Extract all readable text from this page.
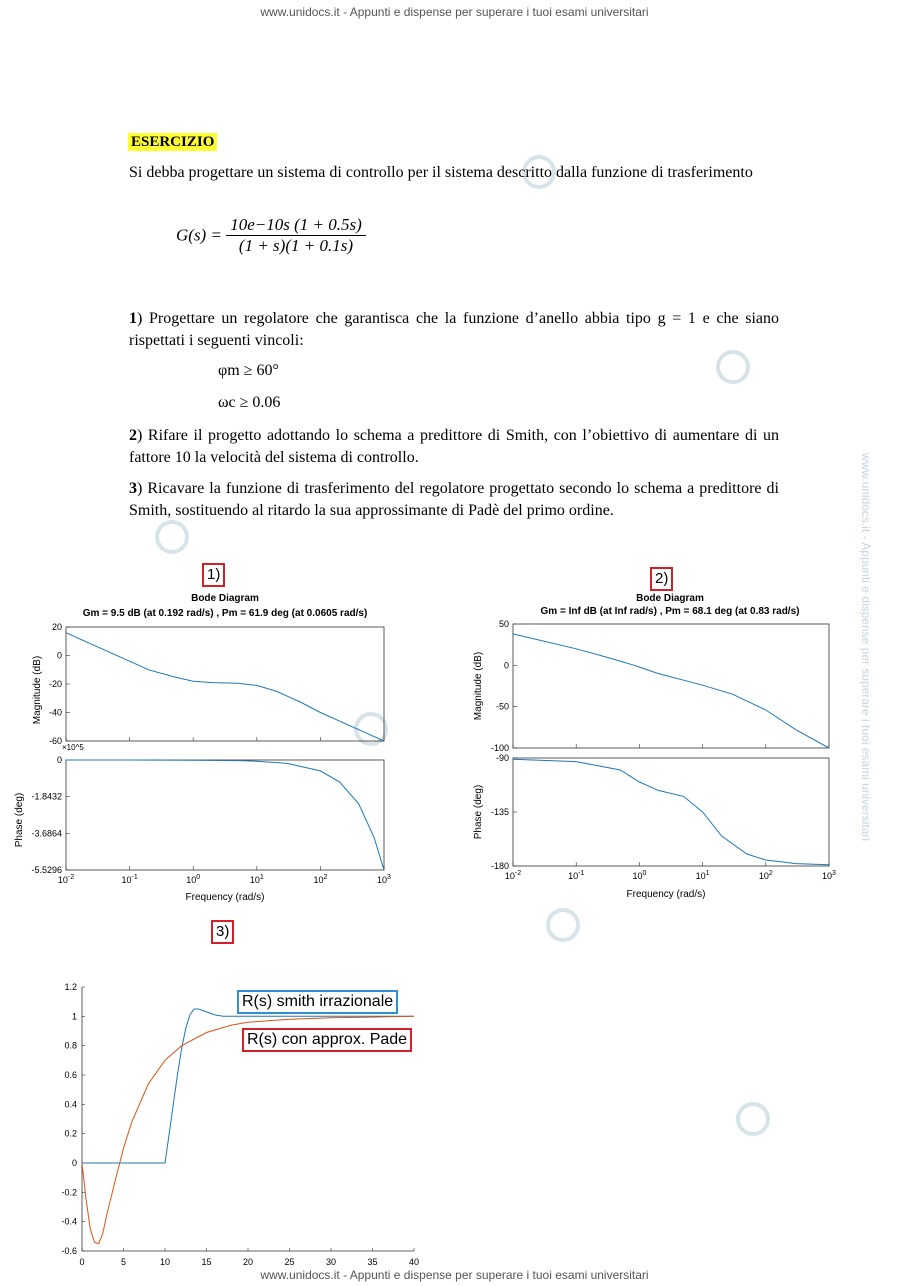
www.unidocs.it - Appunti e dispense per superare i tuoi esami universitari
www.unidocs.it - Appunti e dispense per superare i tuoi esami universitari
www.unidocs.it - Appunti e dispense per superare i tuoi esami universitari
ESERCIZIO
Si debba progettare un sistema di controllo per il sistema descritto dalla funzione di trasferimento
$G(s) = \frac{10e-10s (1 + 0.5s)}{(1 + s)(1 + 0.1s)}$
1) Progettare un regolatore che garantisca che la funzione d’anello abbia tipo g = 1 e che siano rispettati i seguenti vincoli:
φm ≥ 60°
ωc ≥ 0.06
2) Rifare il progetto adottando lo schema a predittore di Smith, con l’obiettivo di aumentare di un fattore 10 la velocità del sistema di controllo.
3) Ricavare la funzione di trasferimento del regolatore progettato secondo lo schema a predittore di Smith, sostituendo al ritardo la sua approssimante di Padè del primo ordine.
1)	2)
3)
Bode Diagram
Gm = 9.5 dB (at 0.192 rad/s) , Pm = 61.9 deg (at 0.0605 rad/s)
20
0
-20
-40
-60
0
-1.8432
-3.6864
-5.5296
$10^{-2}$	$10^{-1}$	$10^0$	$10^1$	$10^2$	$10^3$
Magnitude (dB)
Phase (deg)
×10^5
Frequency (rad/s)
Bode Diagram
Gm = Inf dB (at Inf rad/s) , Pm = 68.1 deg (at 0.83 rad/s)
50
0
-50
-100
-90
-135
-180
$10^{-2}$	$10^{-1}$	$10^0$	$10^1$	$10^2$	$10^3$
Magnitude (dB)
Phase (deg)
Frequency (rad/s)
1.2
1
0.8
0.6
0.4
0.2
0
-0.2
-0.4
-0.6
0	5	10	15	20	25	30	35	40
R(s) smith irrazionale
R(s) con approx. Pade
